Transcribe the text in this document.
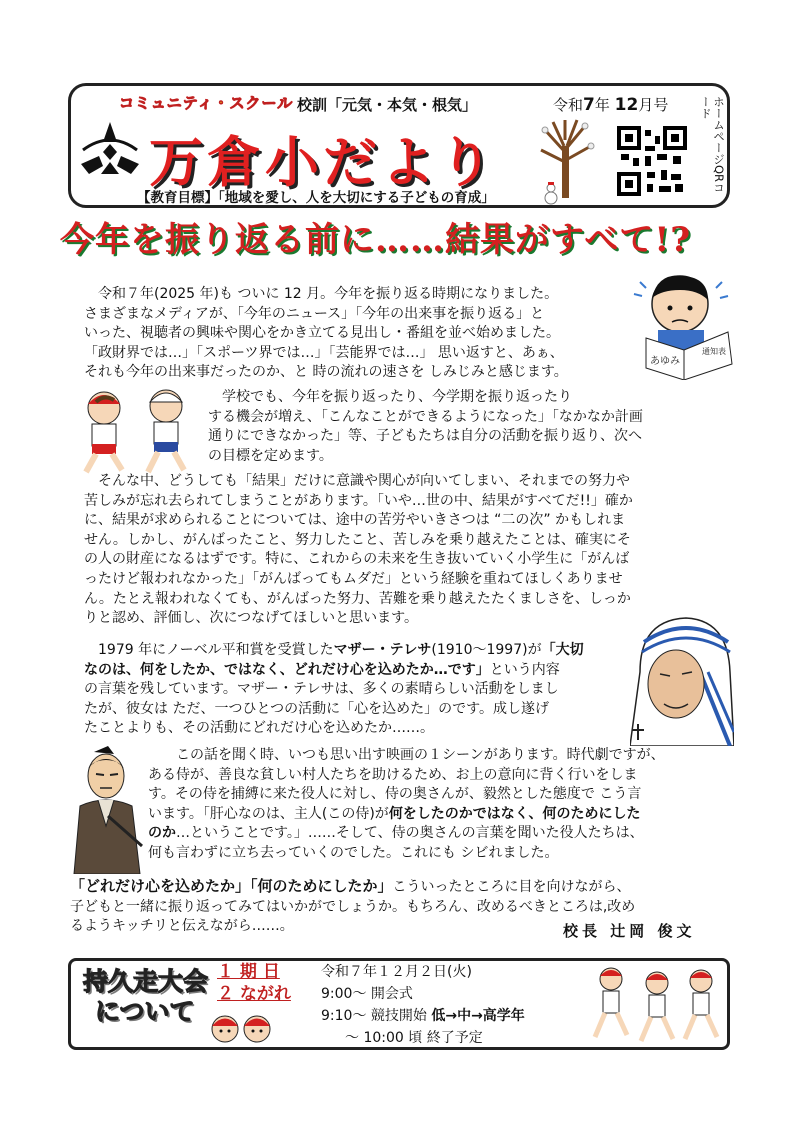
コミュニティ・スクール 校訓「元気・本気・根気」	令和7年 12月号
万倉小だより
【教育目標】「地域を愛し、人を大切にする子どもの育成」
ホームページQRコード
今年を振り返る前に……結果がすべて!?
あゆみ
通知表
令和７年(2025 年)も ついに 12 月。今年を振り返る時期になりました。
さまざまなメディアが、「今年のニュース」「今年の出来事を振り返る」と
いった、視聴者の興味や関心をかき立てる見出し・番組を並べ始めました。
「政財界では…」「スポーツ界では…」「芸能界では…」 思い返すと、あぁ、
それも今年の出来事だったのか、と 時の流れの速さを しみじみと感じます。
学校でも、今年を振り返ったり、今学期を振り返ったり
する機会が増え、「こんなことができるようになった」「なかなか計画
通りにできなかった」等、子どもたちは自分の活動を振り返り、次へ
の目標を定めます。
そんな中、どうしても「結果」だけに意識や関心が向いてしまい、それまでの努力や
苦しみが忘れ去られてしまうことがあります。「いや…世の中、結果がすべてだ!!」確か
に、結果が求められることについては、途中の苦労やいきさつは “二の次” かもしれま
せん。しかし、がんばったこと、努力したこと、苦しみを乗り越えたことは、確実にそ
の人の財産になるはずです。特に、これからの未来を生き抜いていく小学生に「がんば
ったけど報われなかった」「がんばってもムダだ」という経験を重ねてほしくありませ
ん。たとえ報われなくても、がんばった努力、苦難を乗り越えたたくましさを、しっか
りと認め、評価し、次につなげてほしいと思います。
1979 年にノーベル平和賞を受賞したマザー・テレサ(1910～1997)が「大切
なのは、何をしたか、ではなく、どれだけ心を込めたか…です」という内容
の言葉を残しています。マザー・テレサは、多くの素晴らしい活動をしまし
たが、彼女は ただ、一つひとつの活動に「心を込めた」のです。成し遂げ
たことよりも、その活動にどれだけ心を込めたか……。
この話を聞く時、いつも思い出す映画の１シーンがあります。時代劇ですが、
ある侍が、善良な貧しい村人たちを助けるため、お上の意向に背く行いをしま
す。その侍を捕縛に来た役人に対し、侍の奥さんが、毅然とした態度で こう言
います。「肝心なのは、主人(この侍)が何をしたのかではなく、何のためにした
のか…ということです。」……そして、侍の奥さんの言葉を聞いた役人たちは、
何も言わずに立ち去っていくのでした。これにも シビれました。
「どれだけ心を込めたか」「何のためにしたか」こういったところに目を向けながら、
子どもと一緒に振り返ってみてはいかがでしょうか。もちろん、改めるべきところは,改め
るようキッチリと伝えながら……。	校長 辻岡 俊文
持久走大会
について
１ 期 日
２ ながれ
令和７年１２月２日(火)
9:00～ 開会式
9:10～ 競技開始 低→中→高学年
～ 10:00 頃 終了予定
